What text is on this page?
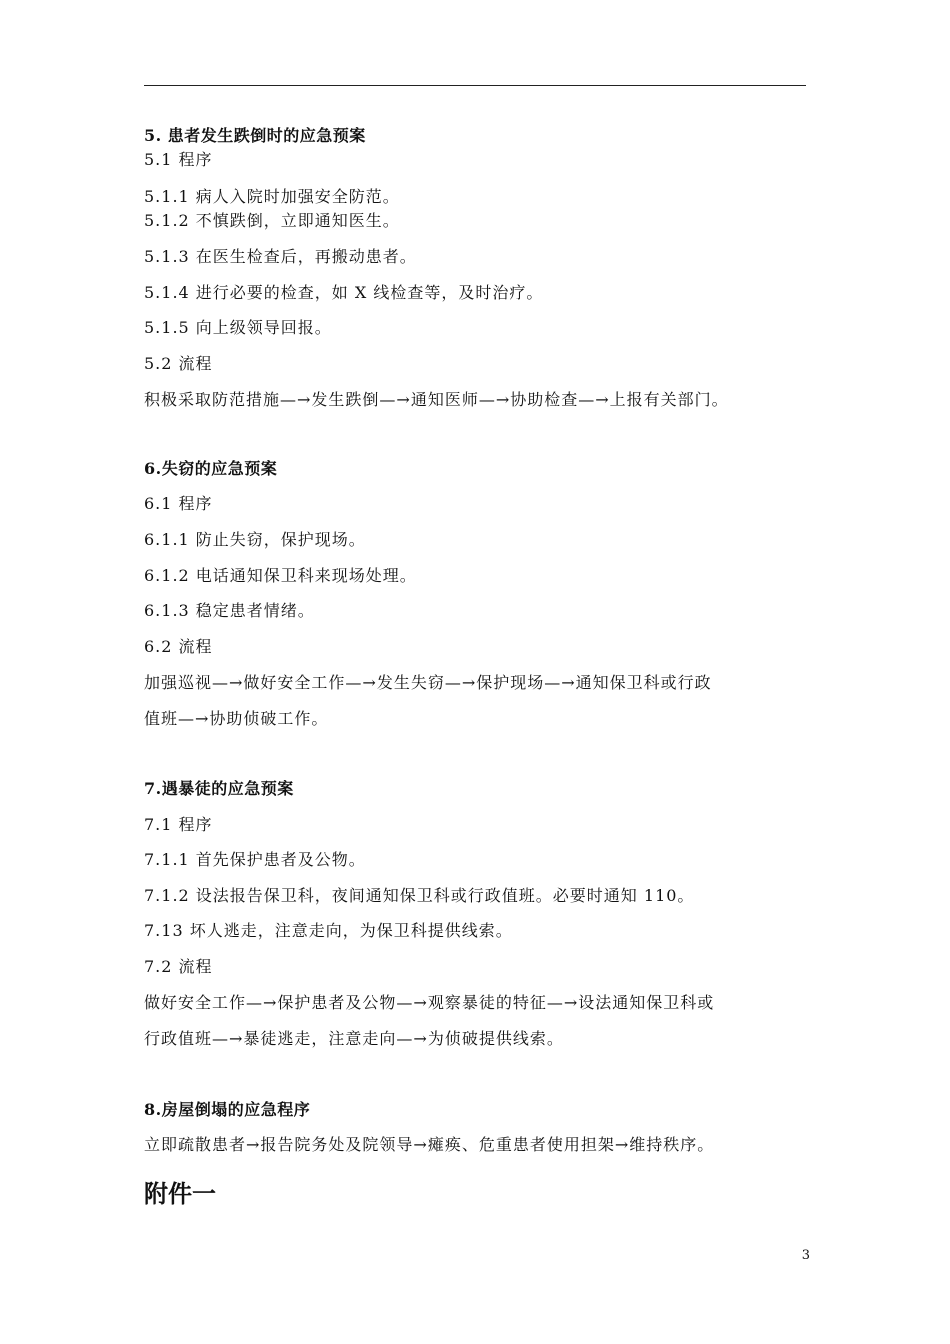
5. 患者发生跌倒时的应急预案
5.1 程序
5.1.1 病人入院时加强安全防范。
5.1.2 不慎跌倒，立即通知医生。
5.1.3 在医生检查后，再搬动患者。
5.1.4 进行必要的检查，如 X 线检查等，及时治疗。
5.1.5 向上级领导回报。
5.2 流程
积极采取防范措施—→发生跌倒—→通知医师—→协助检查—→上报有关部门。
6.失窃的应急预案
6.1 程序
6.1.1 防止失窃，保护现场。
6.1.2 电话通知保卫科来现场处理。
6.1.3 稳定患者情绪。
6.2 流程
加强巡视—→做好安全工作—→发生失窃—→保护现场—→通知保卫科或行政
值班—→协助侦破工作。
7.遇暴徒的应急预案
7.1 程序
7.1.1 首先保护患者及公物。
7.1.2 设法报告保卫科，夜间通知保卫科或行政值班。必要时通知 110。
7.13 坏人逃走，注意走向，为保卫科提供线索。
7.2 流程
做好安全工作—→保护患者及公物—→观察暴徒的特征—→设法通知保卫科或
行政值班—→暴徒逃走，注意走向—→为侦破提供线索。
8.房屋倒塌的应急程序
立即疏散患者→报告院务处及院领导→瘫痪、危重患者使用担架→维持秩序。
附件一
3
